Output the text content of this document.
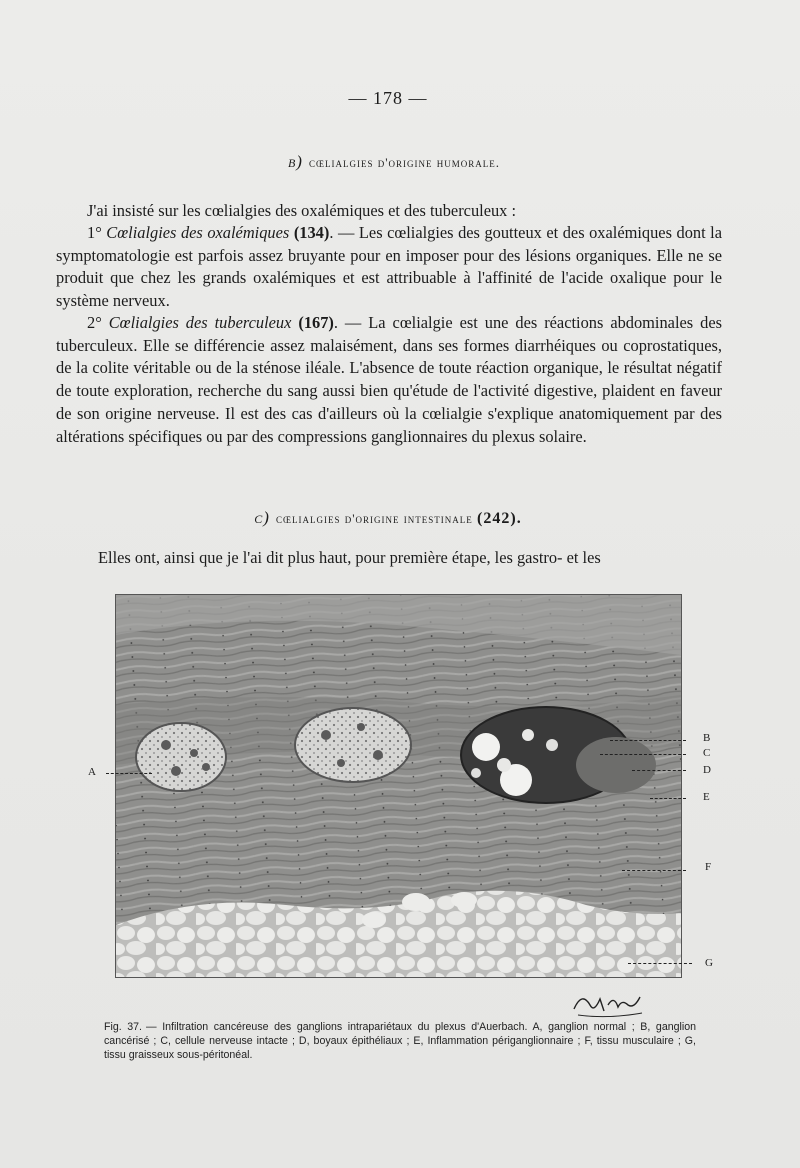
— 178 —
b) cœlialgies d'origine humorale.
J'ai insisté sur les cœlialgies des oxalémiques et des tuberculeux :
1° Cœlialgies des oxalémiques (134). — Les cœlialgies des goutteux et des oxalémiques dont la symptomatologie est parfois assez bruyante pour en imposer pour des lésions organiques. Elle ne se produit que chez les grands oxalémiques et est attribuable à l'affinité de l'acide oxalique pour le système nerveux.
2° Cœlialgies des tuberculeux (167). — La cœlialgie est une des réactions abdominales des tuberculeux. Elle se différencie assez malaisément, dans ses formes diarrhéiques ou coprostatiques, de la colite véritable ou de la sténose iléale. L'absence de toute réaction organique, le résultat négatif de toute exploration, recherche du sang aussi bien qu'étude de l'activité digestive, plaident en faveur de son origine nerveuse. Il est des cas d'ailleurs où la cœlialgie s'explique anatomiquement par des altérations spécifiques ou par des compressions ganglionnaires du plexus solaire.
c) cœlialgies d'origine intestinale (242).
Elles ont, ainsi que je l'ai dit plus haut, pour première étape, les gastro- et les
A
B
C
D
E
F
G
Fig. 37. — Infiltration cancéreuse des ganglions intrapariétaux du plexus d'Auerbach. A, ganglion normal ; B, ganglion cancérisé ; C, cellule nerveuse intacte ; D, boyaux épithéliaux ; E, Inflammation périganglionnaire ; F, tissu musculaire ; G, tissu graisseux sous-péritonéal.
